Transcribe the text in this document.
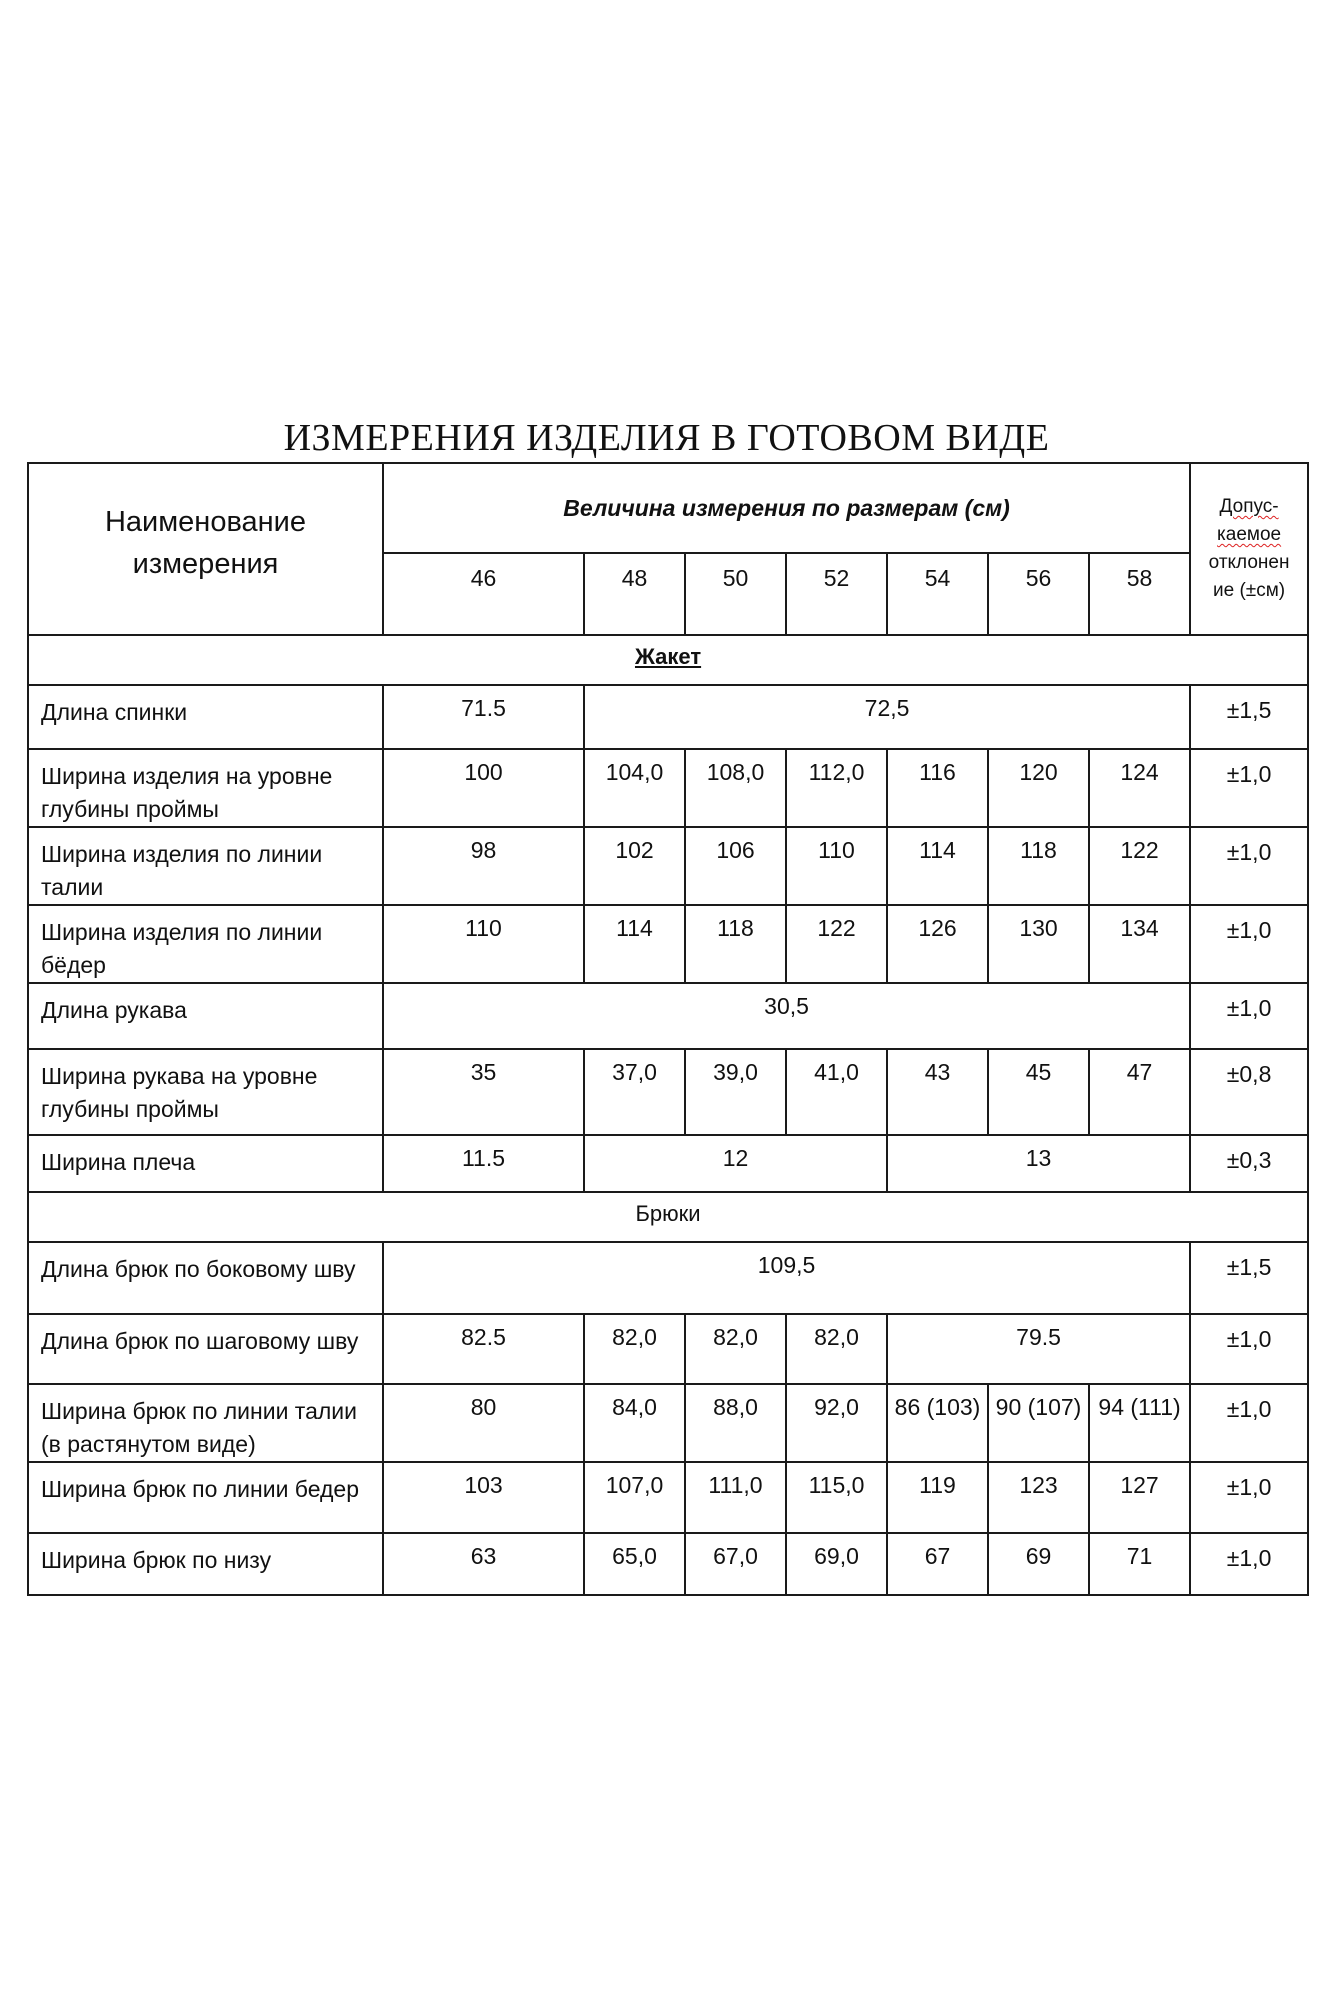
ИЗМЕРЕНИЯ ИЗДЕЛИЯ В ГОТОВОМ ВИДЕ
Наименование
измерения	Величина измерения по размерам (см)							Допус-
каемое
отклонен
ие (±см)
	46	48	50	52	54	56	58	
Жакет								
Длина спинки	71.5	72,5						±1,5
Ширина изделия на уровне глубины проймы	100	104,0	108,0	112,0	116	120	124	±1,0
Ширина изделия по линии талии	98	102	106	110	114	118	122	±1,0
Ширина изделия по линии бёдер	110	114	118	122	126	130	134	±1,0
Длина рукава	30,5							±1,0
Ширина рукава на уровне глубины проймы	35	37,0	39,0	41,0	43	45	47	±0,8
Ширина плеча	11.5	12			13			±0,3
Брюки								
Длина брюк по боковому шву	109,5							±1,5
Длина брюк по шаговому шву	82.5	82,0	82,0	82,0	79.5			±1,0
Ширина брюк по линии талии (в растянутом виде)	80	84,0	88,0	92,0	86 (103)	90 (107)	94 (111)	±1,0
Ширина брюк по линии бедер	103	107,0	111,0	115,0	119	123	127	±1,0
Ширина брюк по низу	63	65,0	67,0	69,0	67	69	71	±1,0
